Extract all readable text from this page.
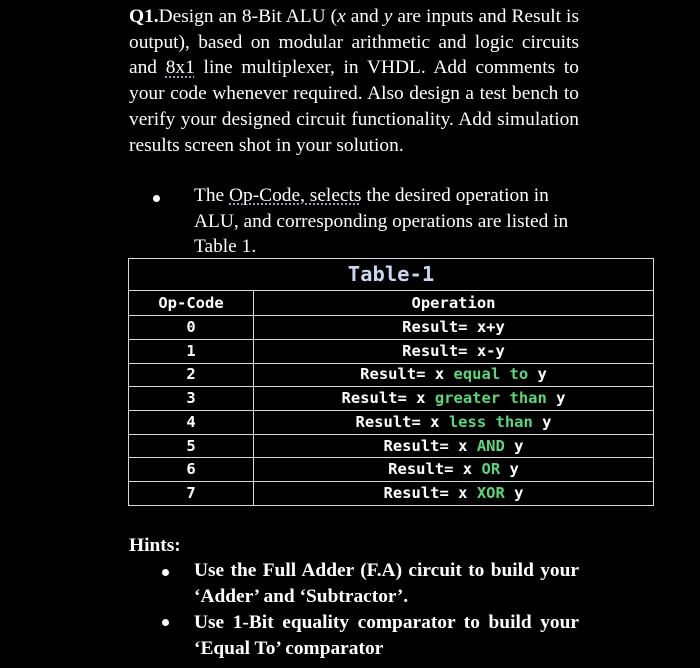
Q1.Design an 8-Bit ALU (x and y are inputs and Result is output), based on modular arithmetic and logic circuits and 8x1 line multiplexer, in VHDL. Add comments to your code whenever required. Also design a test bench to verify your designed circuit functionality. Add simulation results screen shot in your solution.
The Op-Code, selects the desired operation in ALU, and corresponding operations are listed in Table 1.
Table-1	
Op-Code	Operation
0	Result= x+y
1	Result= x-y
2	Result= x equal to y
3	Result= x greater than y
4	Result= x less than y
5	Result= x AND y
6	Result= x OR y
7	Result= x XOR y
Hints:
Use the Full Adder (F.A) circuit to build your ‘Adder’ and ‘Subtractor’.
Use 1-Bit equality comparator to build your ‘Equal To’ comparator
